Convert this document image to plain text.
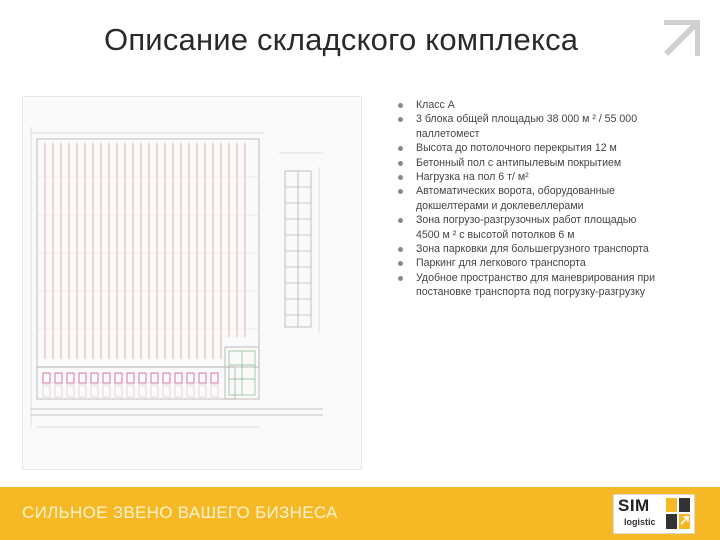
Описание складского комплекса
Класс А
3 блока общей площадью 38 000 м ² / 55 000 паллетомест
Высота до потолочного перекрытия 12 м
Бетонный пол с антипылевым покрытием
Нагрузка на пол 6 т/ м²
Автоматических ворота, оборудованные докшелтерами и доклевеллерами
Зона погрузо-разгрузочных работ площадью 4500 м ² с высотой потолков 6 м
Зона парковки для большегрузного транспорта
Паркинг для легкового транспорта
Удобное пространство для маневрирования при постановке транспорта под погрузку-разгрузку
СИЛЬНОЕ ЗВЕНО ВАШЕГО БИЗНЕСА	SIM
logistic
